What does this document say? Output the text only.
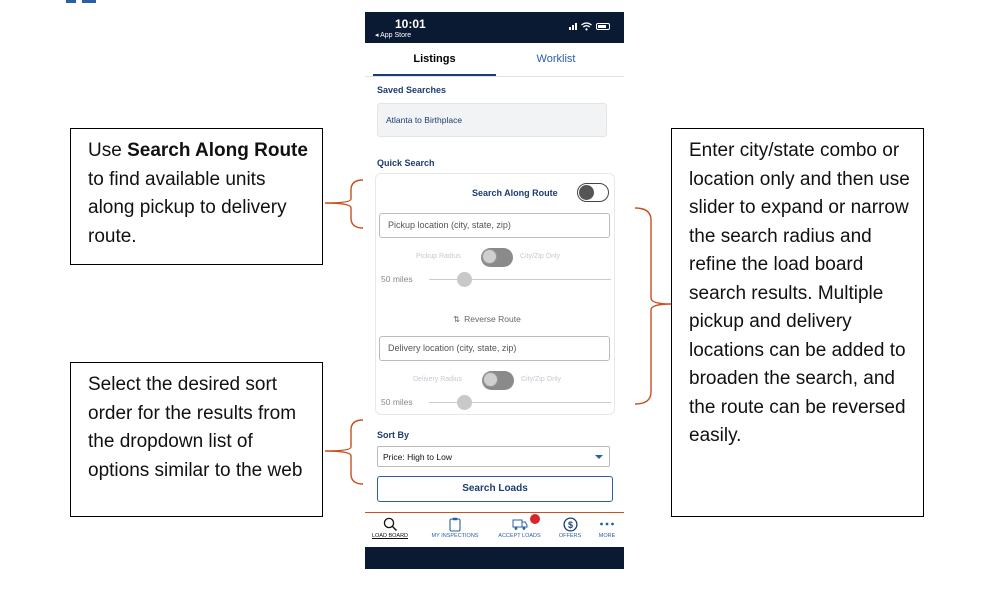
Use Search Along Route to find available units along pickup to delivery route.
Select the desired sort order for the results from the dropdown list of options similar to the web
Enter city/state combo or location only and then use slider to expand or narrow the search radius and refine the load board search results. Multiple pickup and delivery locations can be added to broaden the search, and the route can be reversed easily.
10:01
◂ App Store
Listings	Worklist
Saved Searches
Atlanta to Birthplace
Quick Search
Search Along Route
Pickup location (city, state, zip)
Pickup Radius	City/Zip Only
50 miles
⇅ Reverse Route
Delivery location (city, state, zip)
Delivery Radius	City/Zip Only
50 miles
Sort By
Price: High to Low
Search Loads
LOAD BOARD	MY INSPECTIONS	ACCEPT LOADS
$
OFFERS	MORE
